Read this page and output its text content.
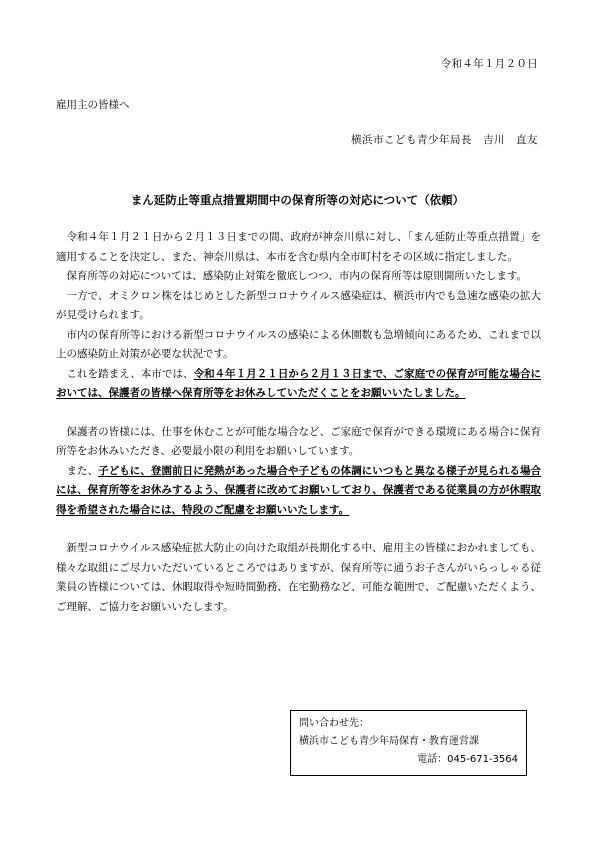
令和４年１月２０日
雇用主の皆様へ
横浜市こども青少年局長　吉川　直友
まん延防止等重点措置期間中の保育所等の対応について（依頼）

令和４年１月２１日から２月１３日までの間、政府が神奈川県に対し、「まん延防止等重点措置」を適用することを決定し、また、神奈川県は、本市を含む県内全市町村をその区域に指定しました。

保育所等の対応については、感染防止対策を徹底しつつ、市内の保育所等は原則開所いたします。

一方で、オミクロン株をはじめとした新型コロナウイルス感染症は、横浜市内でも急速な感染の拡大が見受けられます。

市内の保育所等における新型コロナウイルスの感染による休園数も急増傾向にあるため、これまで以上の感染防止対策が必要な状況です。

これを踏まえ、本市では、令和４年１月２１日から２月１３日まで、ご家庭での保育が可能な場合においては、保護者の皆様へ保育所等をお休みしていただくことをお願いいたしました。

保護者の皆様には、仕事を休むことが可能な場合など、ご家庭で保育ができる環境にある場合に保育所等をお休みいただき、必要最小限の利用をお願いしています。

また、子どもに、登園前日に発熱があった場合や子どもの体調にいつもと異なる様子が見られる場合には、保育所等をお休みするよう、保護者に改めてお願いしており、保護者である従業員の方が休暇取得を希望された場合には、特段のご配慮をお願いいたします。

新型コロナウイルス感染症拡大防止の向けた取組が長期化する中、雇用主の皆様におかれましても、様々な取組にご尽力いただいているところではありますが、保育所等に通うお子さんがいらっしゃる従業員の皆様については、休暇取得や短時間勤務、在宅勤務など、可能な範囲で、ご配慮いただくよう、ご理解、ご協力をお願いいたします。

問い合わせ先：
横浜市こども青少年局保育・教育運営課
電話：045-671-3564
